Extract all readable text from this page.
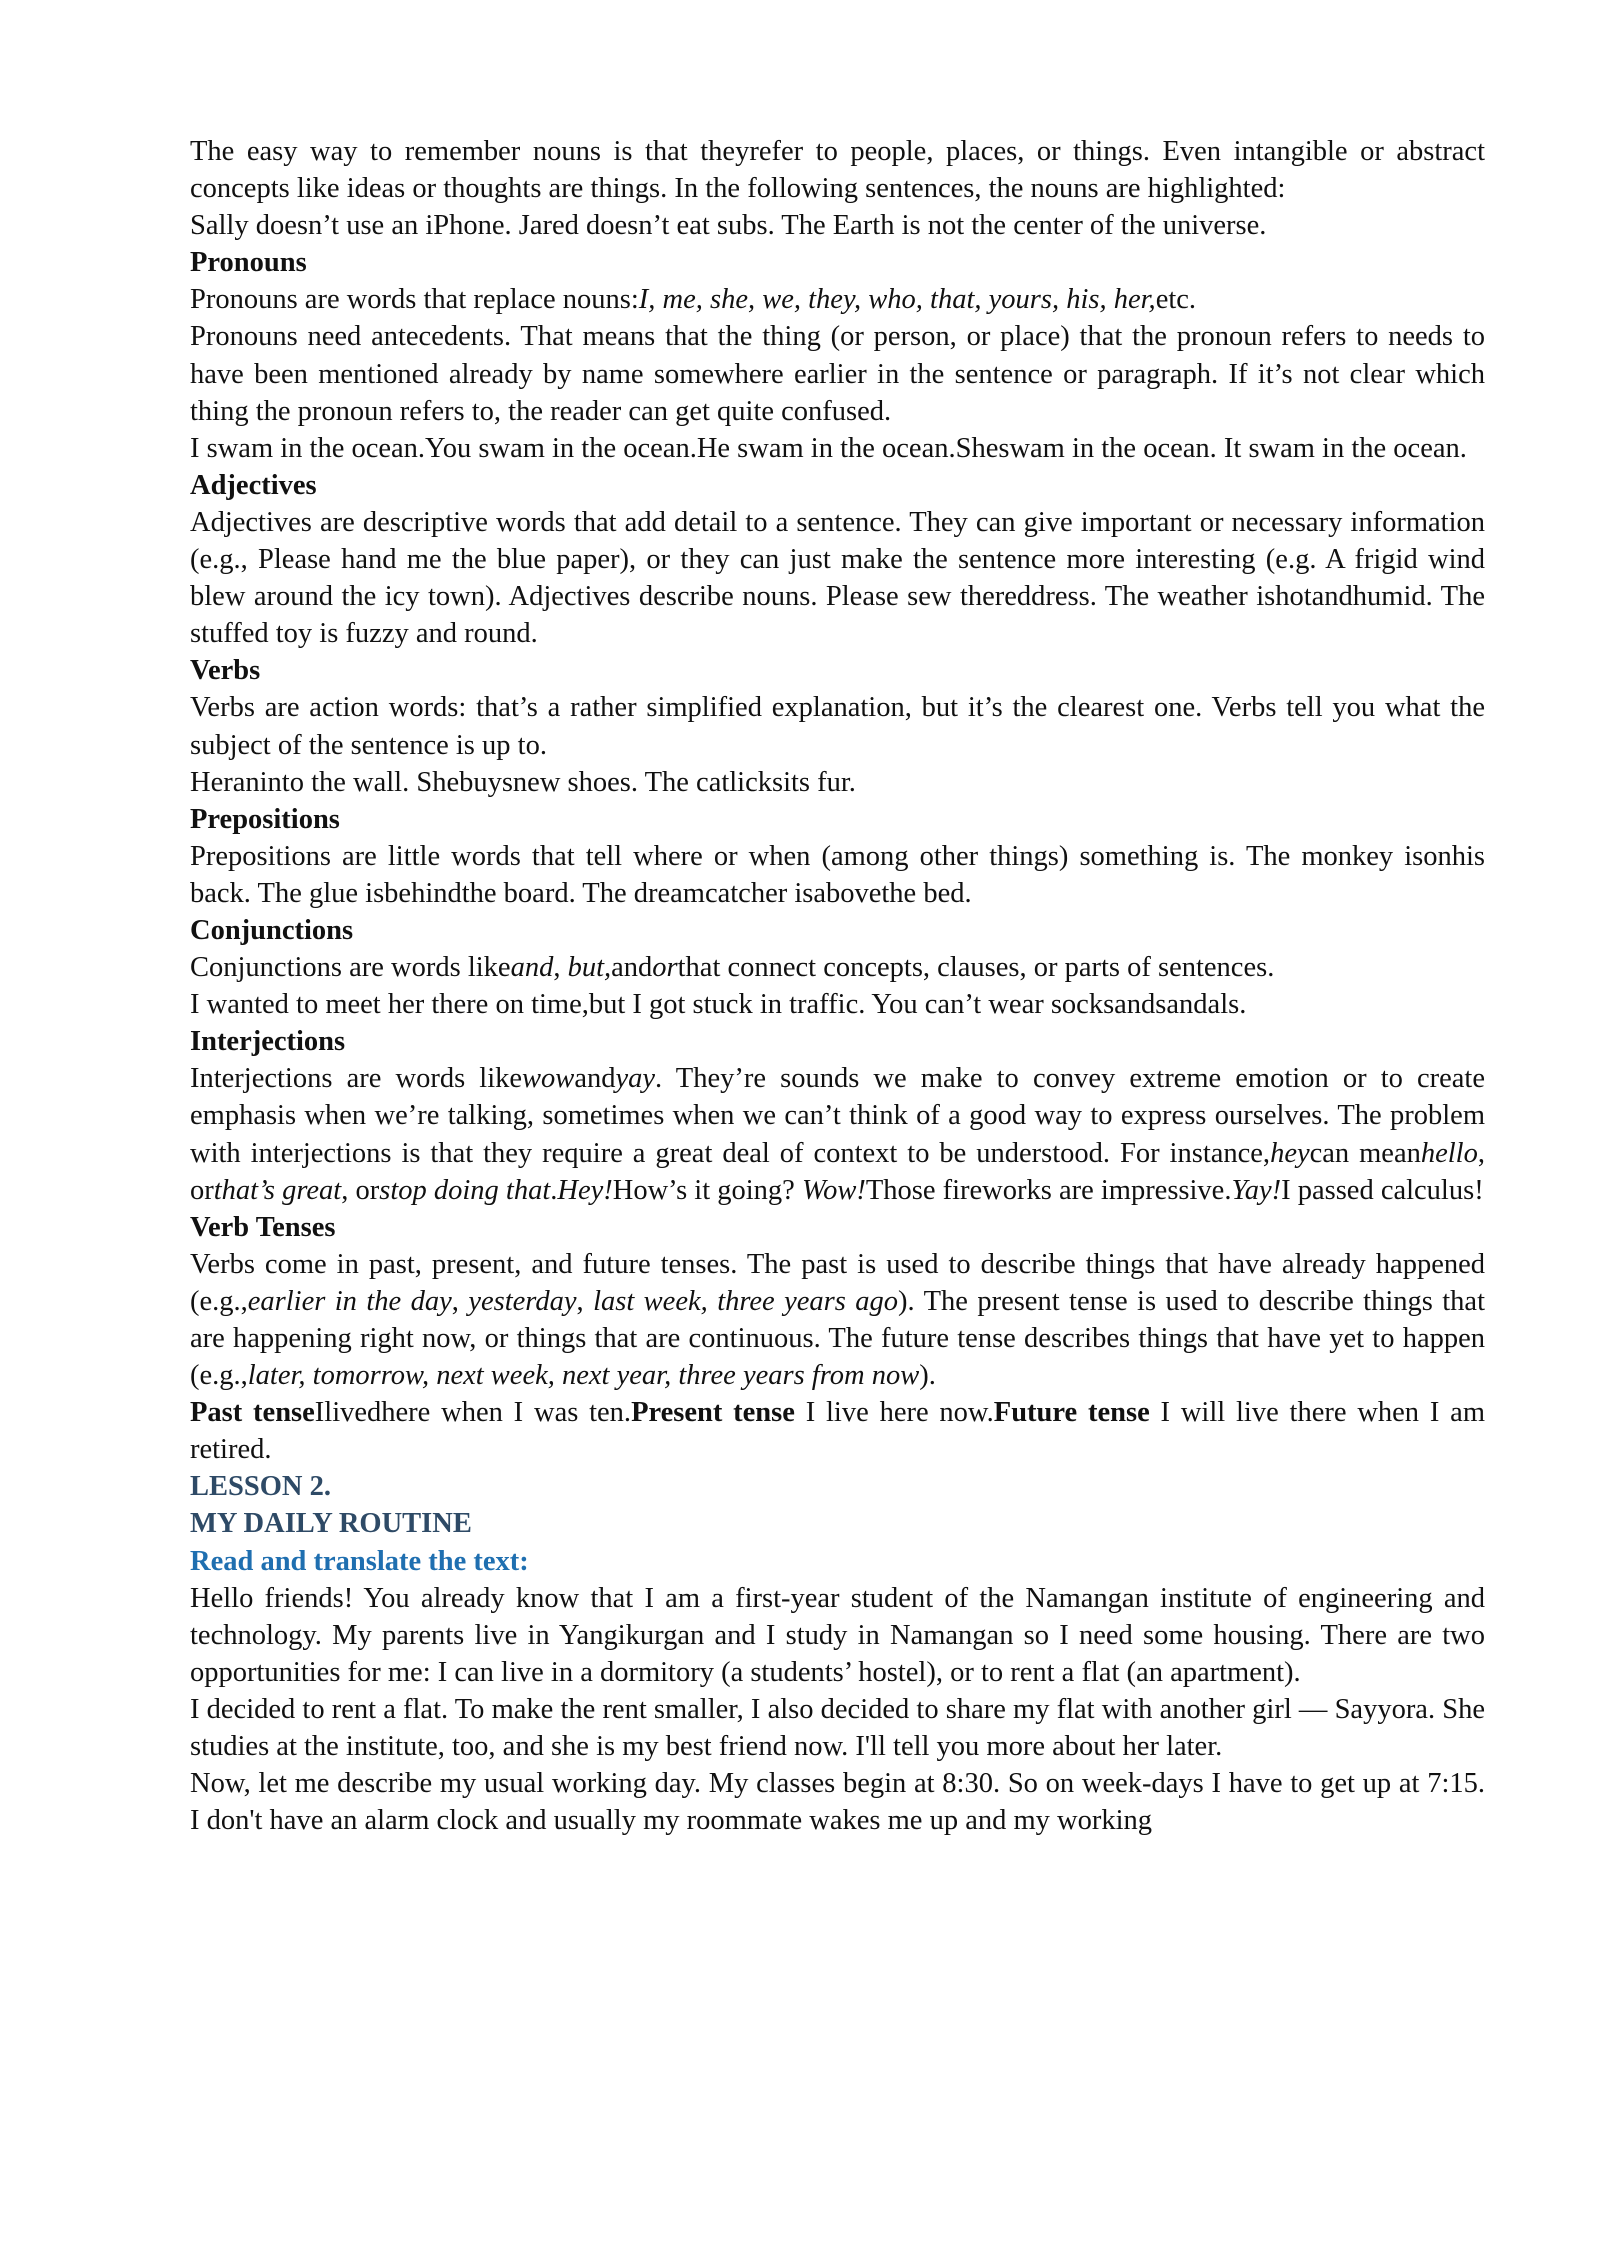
The easy way to remember nouns is that theyrefer to people, places, or things. Even intangible or abstract concepts like ideas or thoughts are things. In the following sentences, the nouns are highlighted:

Sally doesn’t use an iPhone. Jared doesn’t eat subs. The Earth is not the center of the universe.

Pronouns

Pronouns are words that replace nouns:I, me, she, we, they, who, that, yours, his, her,etc.

Pronouns need antecedents. That means that the thing (or person, or place) that the pronoun refers to needs to have been mentioned already by name somewhere earlier in the sentence or paragraph. If it’s not clear which thing the pronoun refers to, the reader can get quite confused.

I swam in the ocean.You swam in the ocean.He swam in the ocean.Sheswam in the ocean. It swam in the ocean.

Adjectives

Adjectives are descriptive words that add detail to a sentence. They can give important or necessary information (e.g., Please hand me the blue paper), or they can just make the sentence more interesting (e.g. A frigid wind blew around the icy town). Adjectives describe nouns. Please sew thereddress. The weather ishotandhumid. The stuffed toy is fuzzy and round.

Verbs

Verbs are action words: that’s a rather simplified explanation, but it’s the clearest one. Verbs tell you what the subject of the sentence is up to.

Heraninto the wall. Shebuysnew shoes. The catlicksits fur.

Prepositions

Prepositions are little words that tell where or when (among other things) something is. The monkey isonhis back. The glue isbehindthe board. The dreamcatcher isabovethe bed.

Conjunctions

Conjunctions are words likeand, but,andorthat connect concepts, clauses, or parts of sentences.

I wanted to meet her there on time,but I got stuck in traffic. You can’t wear socksandsandals.

Interjections

Interjections are words likewowandyay. They’re sounds we make to convey extreme emotion or to create emphasis when we’re talking, sometimes when we can’t think of a good way to express ourselves. The problem with interjections is that they require a great deal of context to be understood. For instance,heycan meanhello, orthat’s great, orstop doing that.Hey!How’s it going? Wow!Those fireworks are impressive.Yay!I passed calculus!

Verb Tenses

Verbs come in past, present, and future tenses. The past is used to describe things that have already happened (e.g.,earlier in the day, yesterday, last week, three years ago). The present tense is used to describe things that are happening right now, or things that are continuous. The future tense describes things that have yet to happen (e.g.,later, tomorrow, next week, next year, three years from now).

Past tenseIlivedhere when I was ten.Present tense I live here now.Future tense I will live there when I am retired.

LESSON 2.

MY DAILY ROUTINE

Read and translate the text:

Hello friends! You already know that I am a first-year student of the Namangan institute of engineering and technology. My parents live in Yangikurgan and I study in Namangan so I need some housing. There are two opportunities for me: I can live in a dormitory (a students’ hostel), or to rent a flat (an apartment).

I decided to rent a flat. To make the rent smaller, I also decided to share my flat with another girl — Sayyora. She studies at the institute, too, and she is my best friend now. I'll tell you more about her later.

Now, let me describe my usual working day. My classes begin at 8:30. So on week-days I have to get up at 7:15. I don't have an alarm clock and usually my roommate wakes me up and my working
